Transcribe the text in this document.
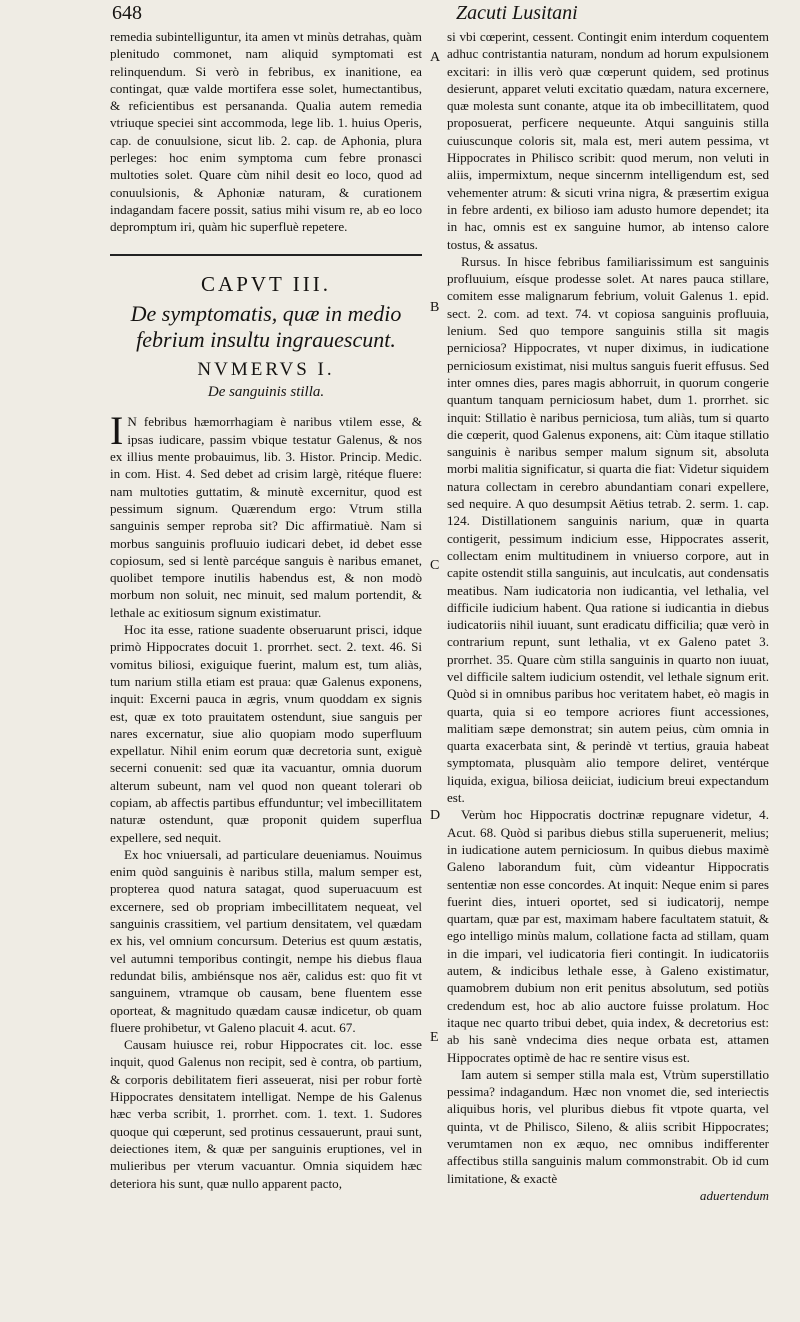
648	Zacuti Lusitani

remedia subintelliguntur, ita amen vt minùs detrahas, quàm plenitudo commonet, nam aliquid symptomati est relinquendum. Si verò in febribus, ex inanitione, ea contingat, quæ valde mortifera esse solet, humectantibus, & reficientibus est persananda. Qualia autem remedia vtriuque speciei sint accommoda, lege lib. 1. huius Operis, cap. de conuulsione, sicut lib. 2. cap. de Aphonia, plura perleges: hoc enim symptoma cum febre pronasci multoties solet. Quare cùm nihil desit eo loco, quod ad conuulsionis, & Aphoniæ naturam, & curationem indagandam facere possit, satius mihi visum re, ab eo loco depromptum iri, quàm hic superfluè repetere.

CAPVT III.
De symptomatis, quæ in medio febrium insultu ingrauescunt.
NVMERVS I.
De sanguinis stilla.

I N febribus hæmorrhagiam è naribus vtilem esse, & ipsas iudicare, passim vbique testatur Galenus, & nos ex illius mente probauimus, lib. 3. Histor. Princip. Medic. in com. Hist. 4. Sed debet ad crisim largè, ritéque fluere: nam multoties guttatim, & minutè excernitur, quod est pessimum signum. Quærendum ergo: Vtrum stilla sanguinis semper reproba sit? Dic affirmatiuè. Nam si morbus sanguinis profluuio iudicari debet, id debet esse copiosum, sed si lentè parcéque sanguis è naribus emanet, quolibet tempore inutilis habendus est, & non modò morbum non soluit, nec minuit, sed malum portendit, & lethale ac exitiosum signum existimatur.

Hoc ita esse, ratione suadente obseruarunt prisci, idque primò Hippocrates docuit 1. prorrhet. sect. 2. text. 46. Si vomitus biliosi, exiguique fuerint, malum est, tum aliàs, tum narium stilla etiam est praua: quæ Galenus exponens, inquit: Excerni pauca in ægris, vnum quoddam ex signis est, quæ ex toto prauitatem ostendunt, siue sanguis per nares excernatur, siue alio quopiam modo superfluum expellatur. Nihil enim eorum quæ decretoria sunt, exiguè secerni conuenit: sed quæ ita vacuantur, omnia duorum alterum subeunt, nam vel quod non queant tolerari ob copiam, ab affectis partibus effunduntur; vel imbecillitatem naturæ ostendunt, quæ proponit quidem superflua expellere, sed nequit.

Ex hoc vniuersali, ad particulare deueniamus. Nouimus enim quòd sanguinis è naribus stilla, malum semper est, propterea quod natura satagat, quod superuacuum est excernere, sed ob propriam imbecillitatem nequeat, vel sanguinis crassitiem, vel partium densitatem, vel quædam ex his, vel omnium concursum. Deterius est quum æstatis, vel autumni temporibus contingit, nempe his diebus flaua redundat bilis, ambiénsque nos aër, calidus est: quo fit vt sanguinem, vtramque ob causam, bene fluentem esse oporteat, & magnitudo quædam causæ indicetur, ob quam fluere prohibetur, vt Galeno placuit 4. acut. 67.

Causam huiusce rei, robur Hippocrates cit. loc. esse inquit, quod Galenus non recipit, sed è contra, ob partium, & corporis debilitatem fieri asseuerat, nisi per robur fortè Hippocrates densitatem intelligat. Nempe de his Galenus hæc verba scribit, 1. prorrhet. com. 1. text. 1. Sudores quoque qui cœperunt, sed protinus cessauerunt, praui sunt, deiectiones item, & quæ per sanguinis eruptiones, vel in mulieribus per vterum vacuantur. Omnia siquidem hæc deteriora his sunt, quæ nullo apparent pacto,

A
B
C
D
E

si vbi cœperint, cessent. Contingit enim interdum coquentem adhuc contristantia naturam, nondum ad horum expulsionem excitari: in illis verò quæ cœperunt quidem, sed protinus desierunt, apparet veluti excitatio quædam, natura excernere, quæ molesta sunt conante, atque ita ob imbecillitatem, quod proposuerat, perficere nequeunte. Atqui sanguinis stilla cuiuscunque coloris sit, mala est, meri autem pessima, vt Hippocrates in Philisco scribit: quod merum, non veluti in aliis, impermixtum, neque sincernm intelligendum est, sed vehementer atrum: & sicuti vrina nigra, & præsertim exigua in febre ardenti, ex bilioso iam adusto humore dependet; ita in hac, omnis est ex sanguine humor, ab intenso calore tostus, & assatus.

Rursus. In hisce febribus familiarissimum est sanguinis profluuium, eísque prodesse solet. At nares pauca stillare, comitem esse malignarum febrium, voluit Galenus 1. epid. sect. 2. com. ad text. 74. vt copiosa sanguinis profluuia, lenium. Sed quo tempore sanguinis stilla sit magis perniciosa? Hippocrates, vt nuper diximus, in iudicatione perniciosum existimat, nisi multus sanguis fuerit effusus. Sed inter omnes dies, pares magis abhorruit, in quorum congerie quantum tanquam perniciosum habet, dum 1. prorrhet. sic inquit: Stillatio è naribus perniciosa, tum aliàs, tum si quarto die cœperit, quod Galenus exponens, ait: Cùm itaque stillatio sanguinis è naribus semper malum signum sit, absoluta morbi malitia significatur, si quarta die fiat: Videtur siquidem natura collectam in cerebro abundantiam conari expellere, sed nequire. A quo desumpsit Aëtius tetrab. 2. serm. 1. cap. 124. Distillationem sanguinis narium, quæ in quarta contigerit, pessimum indicium esse, Hippocrates asserit, collectam enim multitudinem in vniuerso corpore, aut in capite ostendit stilla sanguinis, aut inculcatis, aut condensatis meatibus. Nam iudicatoria non iudicantia, vel lethalia, vel difficile iudicium habent. Qua ratione si iudicantia in diebus iudicatoriis nihil iuuant, sunt eradicatu difficilia; quæ verò in contrarium repunt, sunt lethalia, vt ex Galeno patet 3. prorrhet. 35. Quare cùm stilla sanguinis in quarto non iuuat, vel difficile saltem iudicium ostendit, vel lethale signum erit. Quòd si in omnibus paribus hoc veritatem habet, eò magis in quarta, quia si eo tempore acriores fiunt accessiones, malitiam sæpe demonstrat; sin autem peius, cùm omnia in quarta exacerbata sint, & perindè vt tertius, grauia habeat symptomata, plusquàm alio tempore deliret, ventérque liquida, exigua, biliosa deiiciat, iudicium breui expectandum est.

Verùm hoc Hippocratis doctrinæ repugnare videtur, 4. Acut. 68. Quòd si paribus diebus stilla superuenerit, melius; in iudicatione autem perniciosum. In quibus diebus maximè Galeno laborandum fuit, cùm videantur Hippocratis sententiæ non esse concordes. At inquit: Neque enim si pares fuerint dies, intueri oportet, sed si iudicatorij, nempe quartam, quæ par est, maximam habere facultatem statuit, & ego intelligo minùs malum, collatione facta ad stillam, quam in die impari, vel iudicatoria fieri contingit. In iudicatoriis autem, & indicibus lethale esse, à Galeno existimatur, quamobrem dubium non erit penitus absolutum, sed potiùs credendum est, hoc ab alio auctore fuisse prolatum. Hoc itaque nec quarto tribui debet, quia index, & decretorius est: ab his sanè vndecima dies neque orbata est, attamen Hippocrates optimè de hac re sentire visus est.

Iam autem si semper stilla mala est, Vtrùm superstillatio pessima? indagandum. Hæc non vnomet die, sed interiectis aliquibus horis, vel pluribus diebus fit vtpote quarta, vel quinta, vt de Philisco, Sileno, & aliis scribit Hippocrates; verumtamen non ex æquo, nec omnibus indifferenter affectibus stilla sanguinis malum commonstrabit. Ob id cum limitatione, & exactè

aduertendum
